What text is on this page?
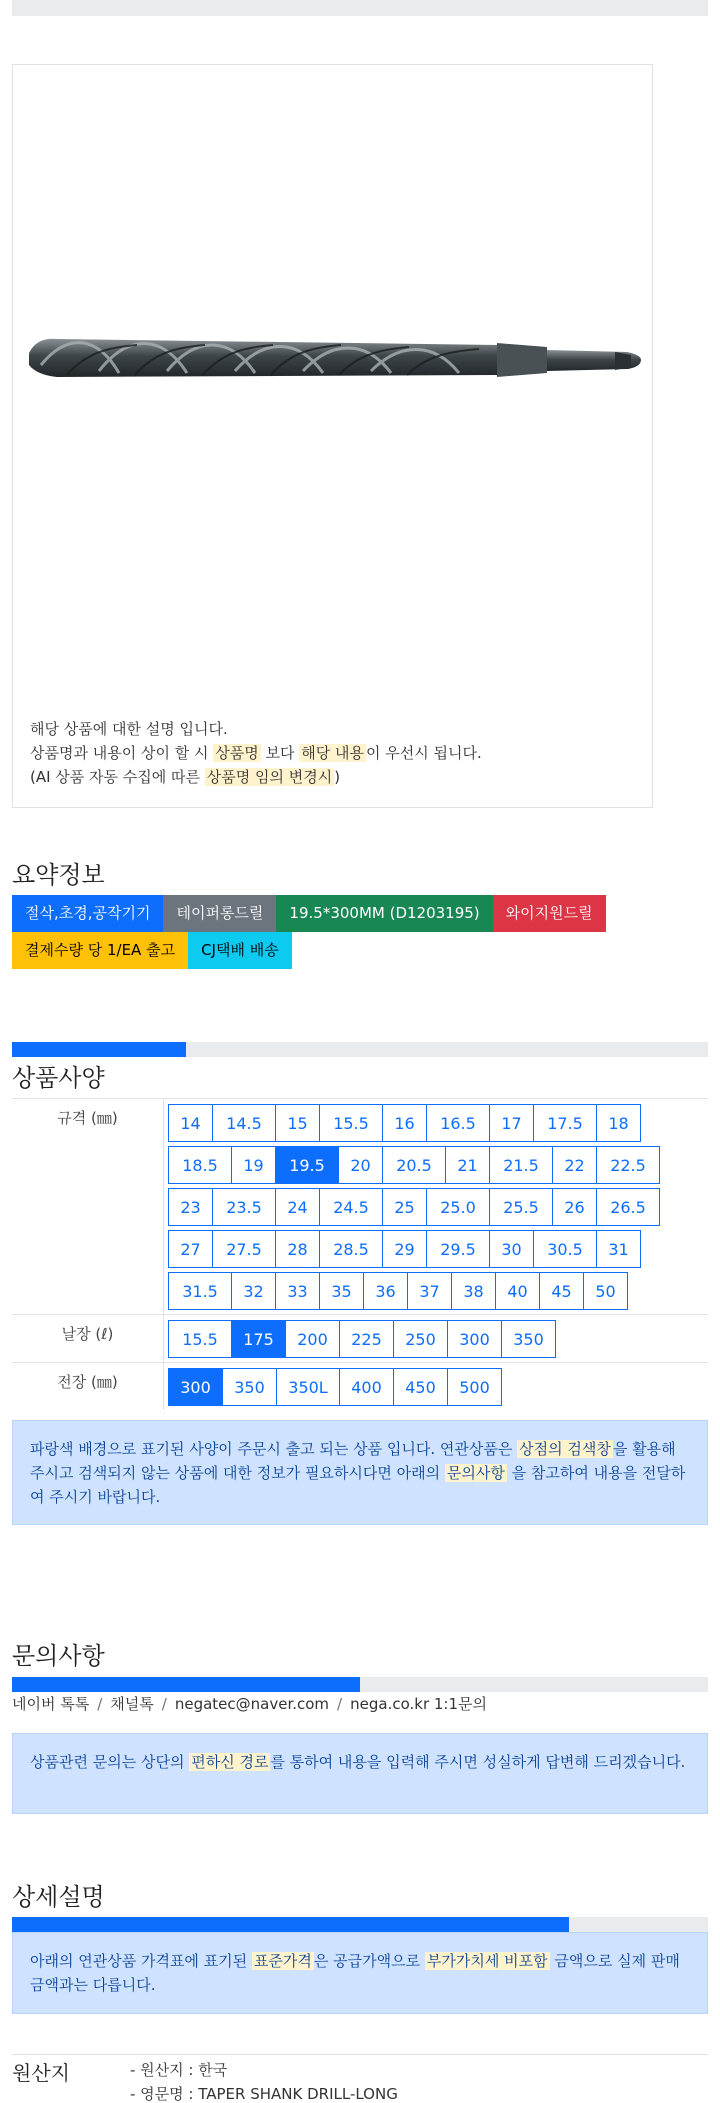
해당 상품에 대한 설명 입니다.
상품명과 내용이 상이 할 시 상품명 보다 해당 내용 이 우선시 됩니다.
(AI 상품 자동 수집에 따른 상품명 임의 변경시 )
요약정보
절삭,초경,공작기기	테이퍼롱드릴	19.5*300MM (D1203195)	와이지원드릴
결제수량 당 1/EA 출고	CJ택배 배송
상품사양
규격 (㎜)	14	14.5	15	15.5	16	16.5	17	17.5	18
18.5	19	19.5	20	20.5	21	21.5	22	22.5
23	23.5	24	24.5	25	25.0	25.5	26	26.5
27	27.5	28	28.5	29	29.5	30	30.5	31
31.5	32	33	35	36	37	38	40	45	50
날장 (ℓ)	15.5	175	200	225	250	300	350
전장 (㎜)	300	350	350L	400	450	500
파랑색 배경으로 표기된 사양이 주문시 출고 되는 상품 입니다. 연관상품은 상점의 검색창 을 활용해 주시고 검색되지 않는 상품에 대한 정보가 필요하시다면 아래의 문의사항 을 참고하여 내용을 전달하여 주시기 바랍니다.
문의사항
네이버 톡톡 / 채널톡 / negatec@naver.com / nega.co.kr 1:1문의
상품관련 문의는 상단의 편하신 경로 를 통하여 내용을 입력해 주시면 성실하게 답변해 드리겠습니다.
상세설명
아래의 연관상품 가격표에 표기된 표준가격 은 공급가액으로 부가가치세 비포함 금액으로 실제 판매금액과는 다릅니다.
원산지	- 원산지 : 한국
- 영문명 : TAPER SHANK DRILL-LONG
